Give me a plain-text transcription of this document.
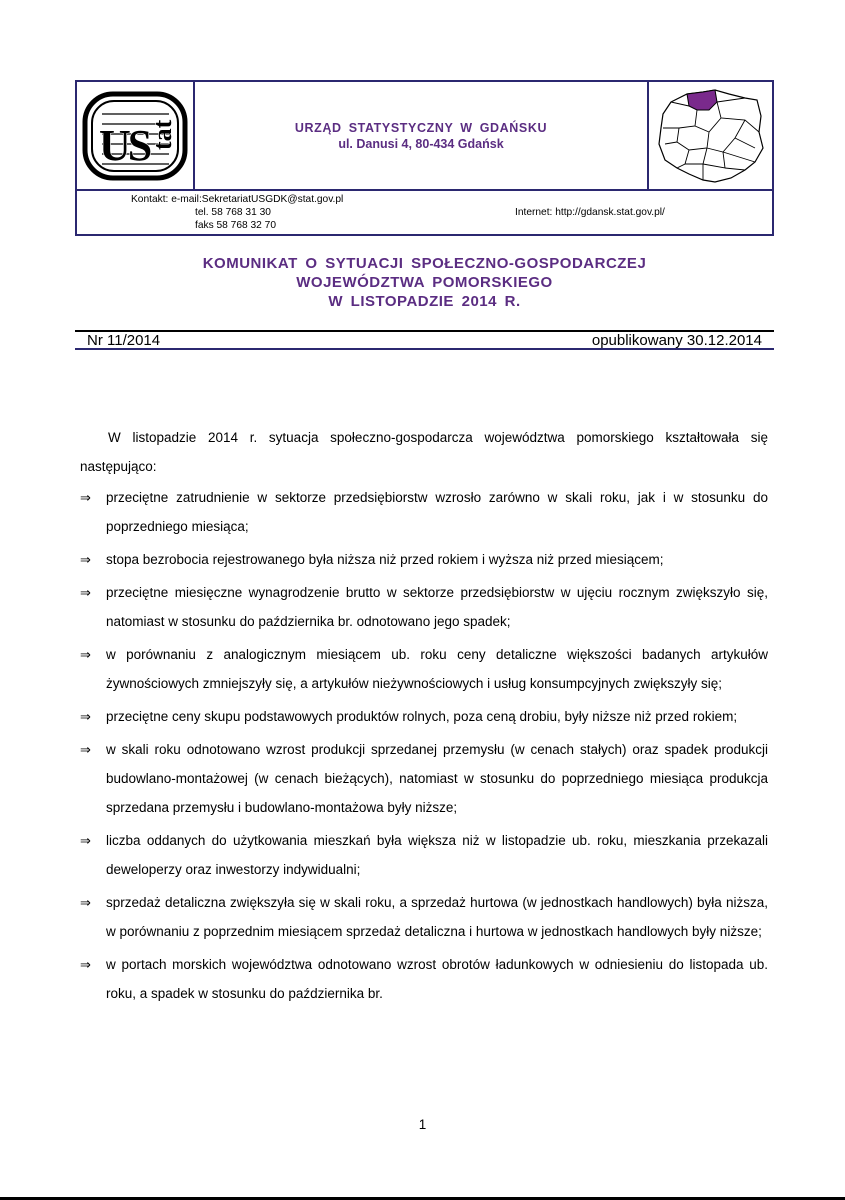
US
tat	URZĄD STATYSTYCZNY W GDAŃSKU
ul. Danusi 4, 80-434 Gdańsk
Kontakt: e-mail:SekretariatUSGDK@stat.gov.pl
tel. 58 768 31 30
faks 58 768 32 70
Internet: http://gdansk.stat.gov.pl/
KOMUNIKAT O SYTUACJI SPOŁECZNO-GOSPODARCZEJ
WOJEWÓDZTWA POMORSKIEGO
W LISTOPADZIE 2014 R.
Nr 11/2014	opublikowany 30.12.2014
W listopadzie 2014 r. sytuacja społeczno-gospodarcza województwa pomorskiego kształtowała się następująco:
⇒ przeciętne zatrudnienie w sektorze przedsiębiorstw wzrosło zarówno w skali roku, jak i w stosunku do poprzedniego miesiąca;
⇒ stopa bezrobocia rejestrowanego była niższa niż przed rokiem i wyższa niż przed miesiącem;
⇒ przeciętne miesięczne wynagrodzenie brutto w sektorze przedsiębiorstw w ujęciu rocznym zwiększyło się, natomiast w stosunku do października br. odnotowano jego spadek;
⇒ w porównaniu z analogicznym miesiącem ub. roku ceny detaliczne większości badanych artykułów żywnościowych zmniejszyły się, a artykułów nieżywnościowych i usług konsumpcyjnych zwiększyły się;
⇒ przeciętne ceny skupu podstawowych produktów rolnych, poza ceną drobiu, były niższe niż przed rokiem;
⇒ w skali roku odnotowano wzrost produkcji sprzedanej przemysłu (w cenach stałych) oraz spadek produkcji budowlano-montażowej (w cenach bieżących), natomiast w stosunku do poprzedniego miesiąca produkcja sprzedana przemysłu i budowlano-montażowa były niższe;
⇒ liczba oddanych do użytkowania mieszkań była większa niż w listopadzie ub. roku, mieszkania przekazali deweloperzy oraz inwestorzy indywidualni;
⇒ sprzedaż detaliczna zwiększyła się w skali roku, a sprzedaż hurtowa (w jednostkach handlowych) była niższa, w porównaniu z poprzednim miesiącem sprzedaż detaliczna i hurtowa w jednostkach handlowych były niższe;
⇒ w portach morskich województwa odnotowano wzrost obrotów ładunkowych w odniesieniu do listopada ub. roku, a spadek w stosunku do października br.
1
